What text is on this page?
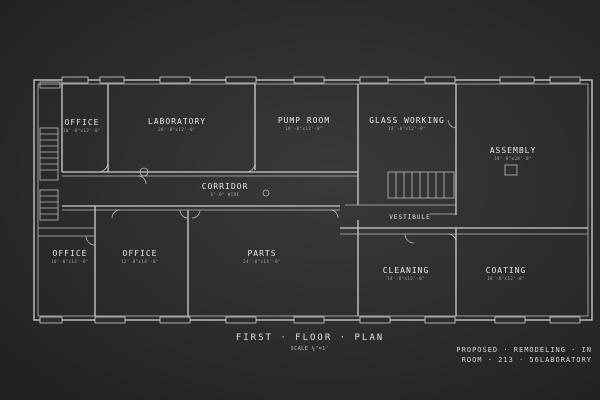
OFFICE
10'-0"x12'-0"
LABORATORY
20'-0"x12'-0"
PUMP ROOM
18'-0"x12'-0"
GLASS WORKING
14'-0"x12'-0"
ASSEMBLY
18'-0"x24'-0"
CORRIDOR
8'-0" WIDE
OFFICE
10'-0"x14'-0"
OFFICE
12'-0"x14'-0"
PARTS
24'-0"x14'-0"
CLEANING
14'-0"x12'-0"
COATING
18'-0"x12'-0"
VESTIBULE
FIRST · FLOOR · PLAN
SCALE ⅛"=1'	PROPOSED · REMODELING · IN
ROOM · 213 · 56LABORATORY
